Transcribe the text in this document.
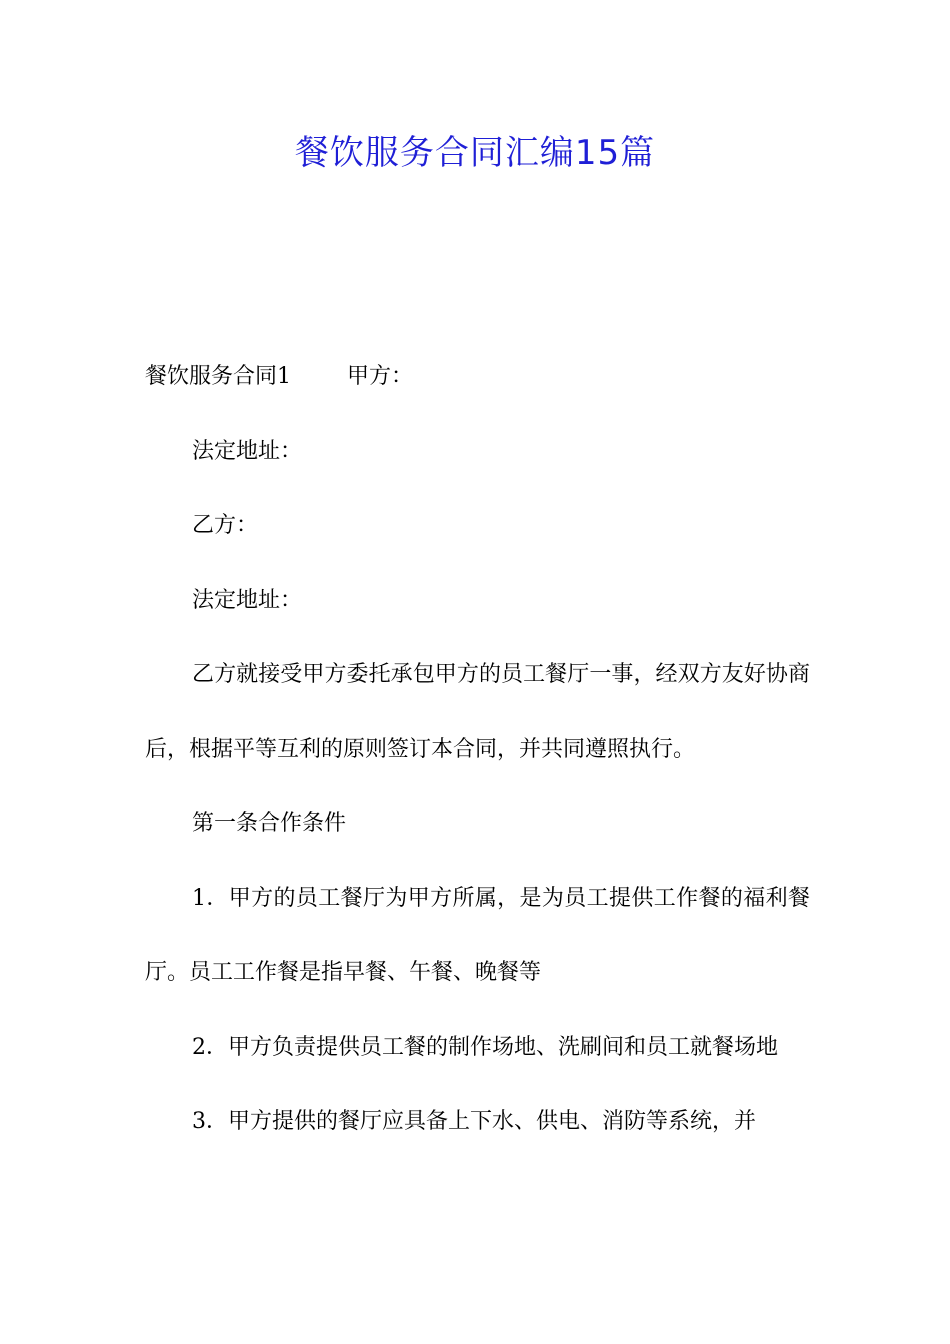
餐饮服务合同汇编15篇

餐饮服务合同1	甲方：

法定地址：

乙方：

法定地址：

乙方就接受甲方委托承包甲方的员工餐厅一事，经双方友好协商后，根据平等互利的原则签订本合同，并共同遵照执行。

第一条合作条件

1．甲方的员工餐厅为甲方所属，是为员工提供工作餐的福利餐厅。员工工作餐是指早餐、午餐、晚餐等

2．甲方负责提供员工餐的制作场地、洗刷间和员工就餐场地

3．甲方提供的餐厅应具备上下水、供电、消防等系统，并
